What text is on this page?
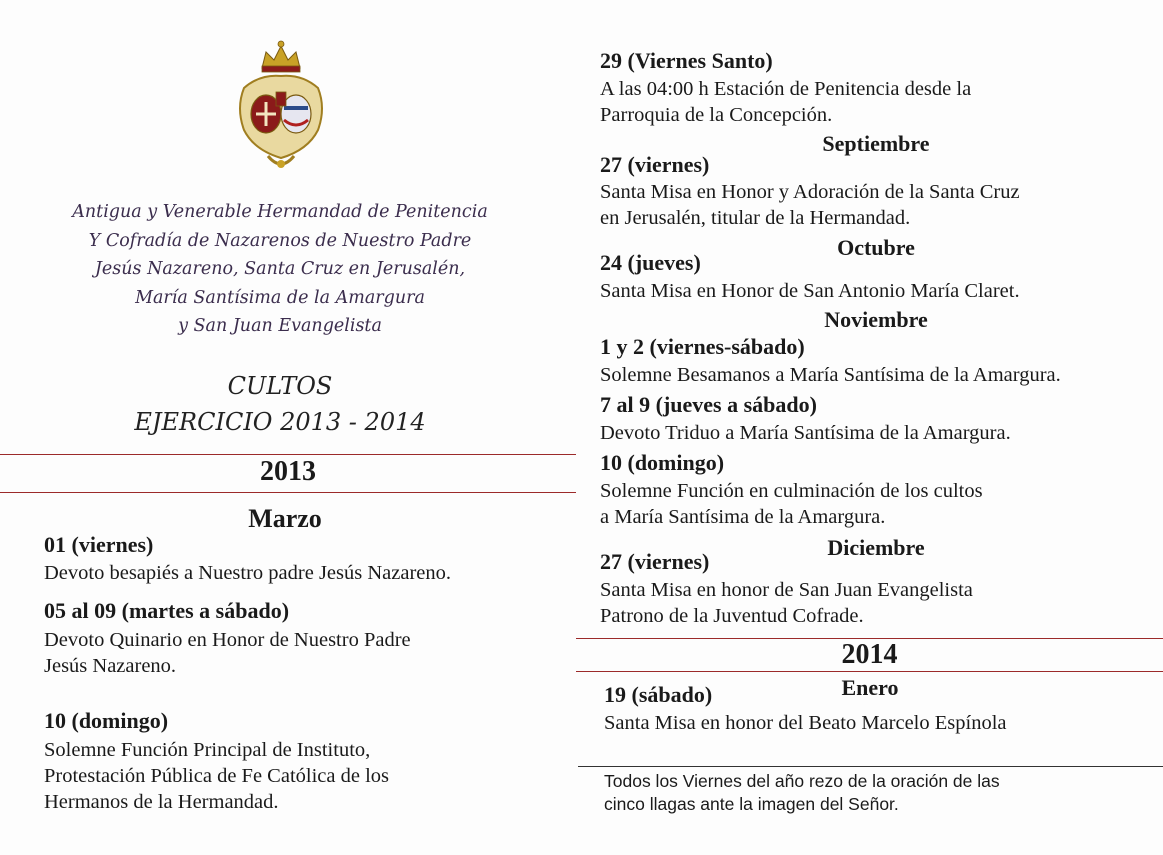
Antigua y Venerable Hermandad de Penitencia
Y Cofradía de Nazarenos de Nuestro Padre
Jesús Nazareno, Santa Cruz en Jerusalén,
María Santísima de la Amargura
y San Juan Evangelista
CULTOS
EJERCICIO 2013 - 2014
2013
Marzo
01 (viernes)
Devoto besapiés a Nuestro padre Jesús Nazareno.
05 al 09 (martes a sábado)
Devoto Quinario en Honor de Nuestro Padre
Jesús Nazareno.
10 (domingo)
Solemne Función Principal de Instituto,
Protestación Pública de Fe Católica de los
Hermanos de la Hermandad.
29 (Viernes Santo)
A las 04:00 h Estación de Penitencia desde la
Parroquia de la Concepción.
Septiembre
27 (viernes)
Santa Misa en Honor y Adoración de la Santa Cruz
en Jerusalén, titular de la Hermandad.
Octubre
24 (jueves)
Santa Misa en Honor de San Antonio María Claret.
Noviembre
1 y 2 (viernes-sábado)
Solemne Besamanos a María Santísima de la Amargura.
7 al 9 (jueves a sábado)
Devoto Triduo a María Santísima de la Amargura.
10 (domingo)
Solemne Función en culminación de los cultos
a María Santísima de la Amargura.
Diciembre
27 (viernes)
Santa Misa en honor de San Juan Evangelista
Patrono de la Juventud Cofrade.
2014
Enero
19 (sábado)
Santa Misa en honor del Beato Marcelo Espínola
Todos los Viernes del año rezo de la oración de las
cinco llagas ante la imagen del Señor.
